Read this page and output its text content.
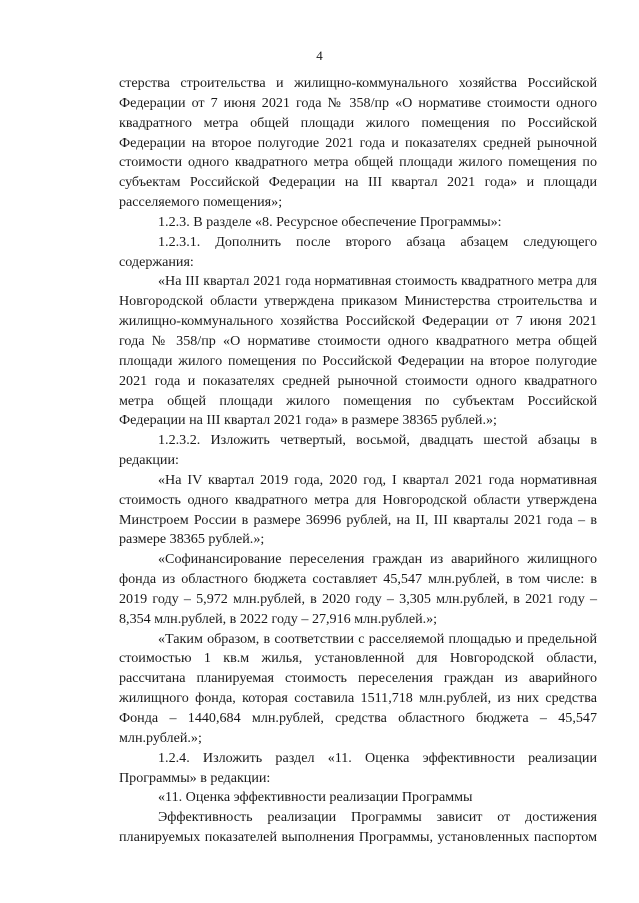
4

стерства строительства и жилищно-коммунального хозяйства Российской Федерации от 7 июня 2021 года № 358/пр «О нормативе стоимости одного квадратного метра общей площади жилого помещения по Российской Федерации на второе полугодие 2021 года и показателях средней рыночной стоимости одного квадратного метра общей площади жилого помещения по субъектам Российской Федерации на III квартал 2021 года» и площади расселяемого помещения»;

1.2.3. В разделе «8. Ресурсное обеспечение Программы»:

1.2.3.1. Дополнить после второго абзаца абзацем следующего содержания:

«На III квартал 2021 года нормативная стоимость квадратного метра для Новгородской области утверждена приказом Министерства строительства и жилищно-коммунального хозяйства Российской Федерации от 7 июня 2021 года № 358/пр «О нормативе стоимости одного квадратного метра общей площади жилого помещения по Российской Федерации на второе полугодие 2021 года и показателях средней рыночной стоимости одного квадратного метра общей площади жилого помещения по субъектам Российской Федерации на III квартал 2021 года» в размере 38365 рублей.»;

1.2.3.2. Изложить четвертый, восьмой, двадцать шестой абзацы в редакции:

«На IV квартал 2019 года, 2020 год, I квартал 2021 года нормативная стоимость одного квадратного метра для Новгородской области утверждена Минстроем России в размере 36996 рублей, на II, III кварталы 2021 года – в размере 38365 рублей.»;

«Софинансирование переселения граждан из аварийного жилищного фонда из областного бюджета составляет 45,547 млн.рублей, в том числе: в 2019 году – 5,972 млн.рублей, в 2020 году – 3,305 млн.рублей, в 2021 году – 8,354 млн.рублей, в 2022 году – 27,916 млн.рублей.»;

«Таким образом, в соответствии с расселяемой площадью и предельной стоимостью 1 кв.м жилья, установленной для Новгородской области, рассчитана планируемая стоимость переселения граждан из аварийного жилищного фонда, которая составила 1511,718 млн.рублей, из них средства Фонда – 1440,684 млн.рублей, средства областного бюджета – 45,547 млн.рублей.»;

1.2.4. Изложить раздел «11. Оценка эффективности реализации Программы» в редакции:

«11. Оценка эффективности реализации Программы

Эффективность реализации Программы зависит от достижения планируемых показателей выполнения Программы, установленных паспортом
